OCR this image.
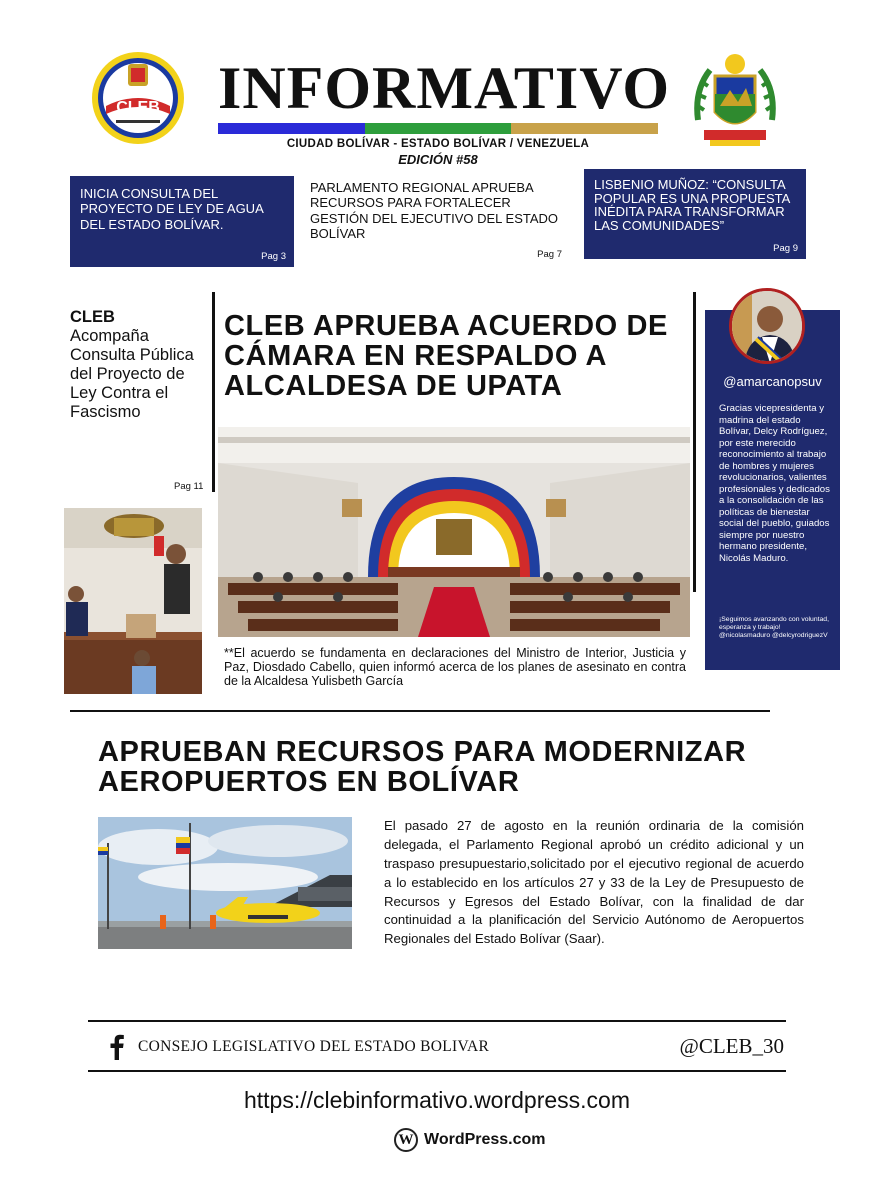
CLEB INFORMATIVO
CIUDAD BOLÍVAR - ESTADO BOLÍVAR / VENEZUELA
EDICIÓN #58
INICIA CONSULTA DEL PROYECTO DE LEY DE AGUA DEL ESTADO BOLÍVAR.
Pag 3
PARLAMENTO REGIONAL APRUEBA RECURSOS PARA FORTALECER GESTIÓN DEL EJECUTIVO DEL ESTADO BOLÍVAR
Pag 7
LISBENIO MUÑOZ: “CONSULTA POPULAR ES UNA PROPUESTA INÉDITA PARA TRANSFORMAR LAS COMUNIDADES”
Pag 9
CLEB
Acompaña Consulta Pública del Proyecto de Ley Contra el Fascismo
Pag 11
CLEB APRUEBA ACUERDO DE CÁMARA EN RESPALDO A ALCALDESA DE UPATA
**El acuerdo se fundamenta en declaraciones del Ministro de Interior, Justicia y Paz, Diosdado Cabello, quien informó acerca de los planes de asesinato en contra de la Alcaldesa Yulisbeth García
@amarcanopsuv
Gracias vicepresidenta y madrina del estado Bolívar, Delcy Rodríguez, por este merecido reconocimiento al trabajo de hombres y mujeres revolucionarios, valientes profesionales y dedicados a la consolidación de las políticas de bienestar social del pueblo, guiados siempre por nuestro hermano presidente, Nicolás Maduro.
¡Seguimos avanzando con voluntad, esperanza y trabajo! @nicolasmaduro @delcyrodriguezV
APRUEBAN RECURSOS PARA MODERNIZAR AEROPUERTOS EN BOLÍVAR
El pasado 27 de agosto en la reunión ordinaria de la comisión delegada, el Parlamento Regional aprobó un crédito adicional y un traspaso presupuestario,solicitado por el ejecutivo regional de acuerdo a lo establecido en los artículos 27 y 33 de la Ley de Presupuesto de Recursos y Egresos del Estado Bolívar, con la finalidad de dar continuidad a la planificación del Servicio Autónomo de Aeropuertos Regionales del Estado Bolívar (Saar).
CONSEJO LEGISLATIVO DEL ESTADO BOLIVAR	@CLEB_30
https://clebinformativo.wordpress.com
W WordPress.com
